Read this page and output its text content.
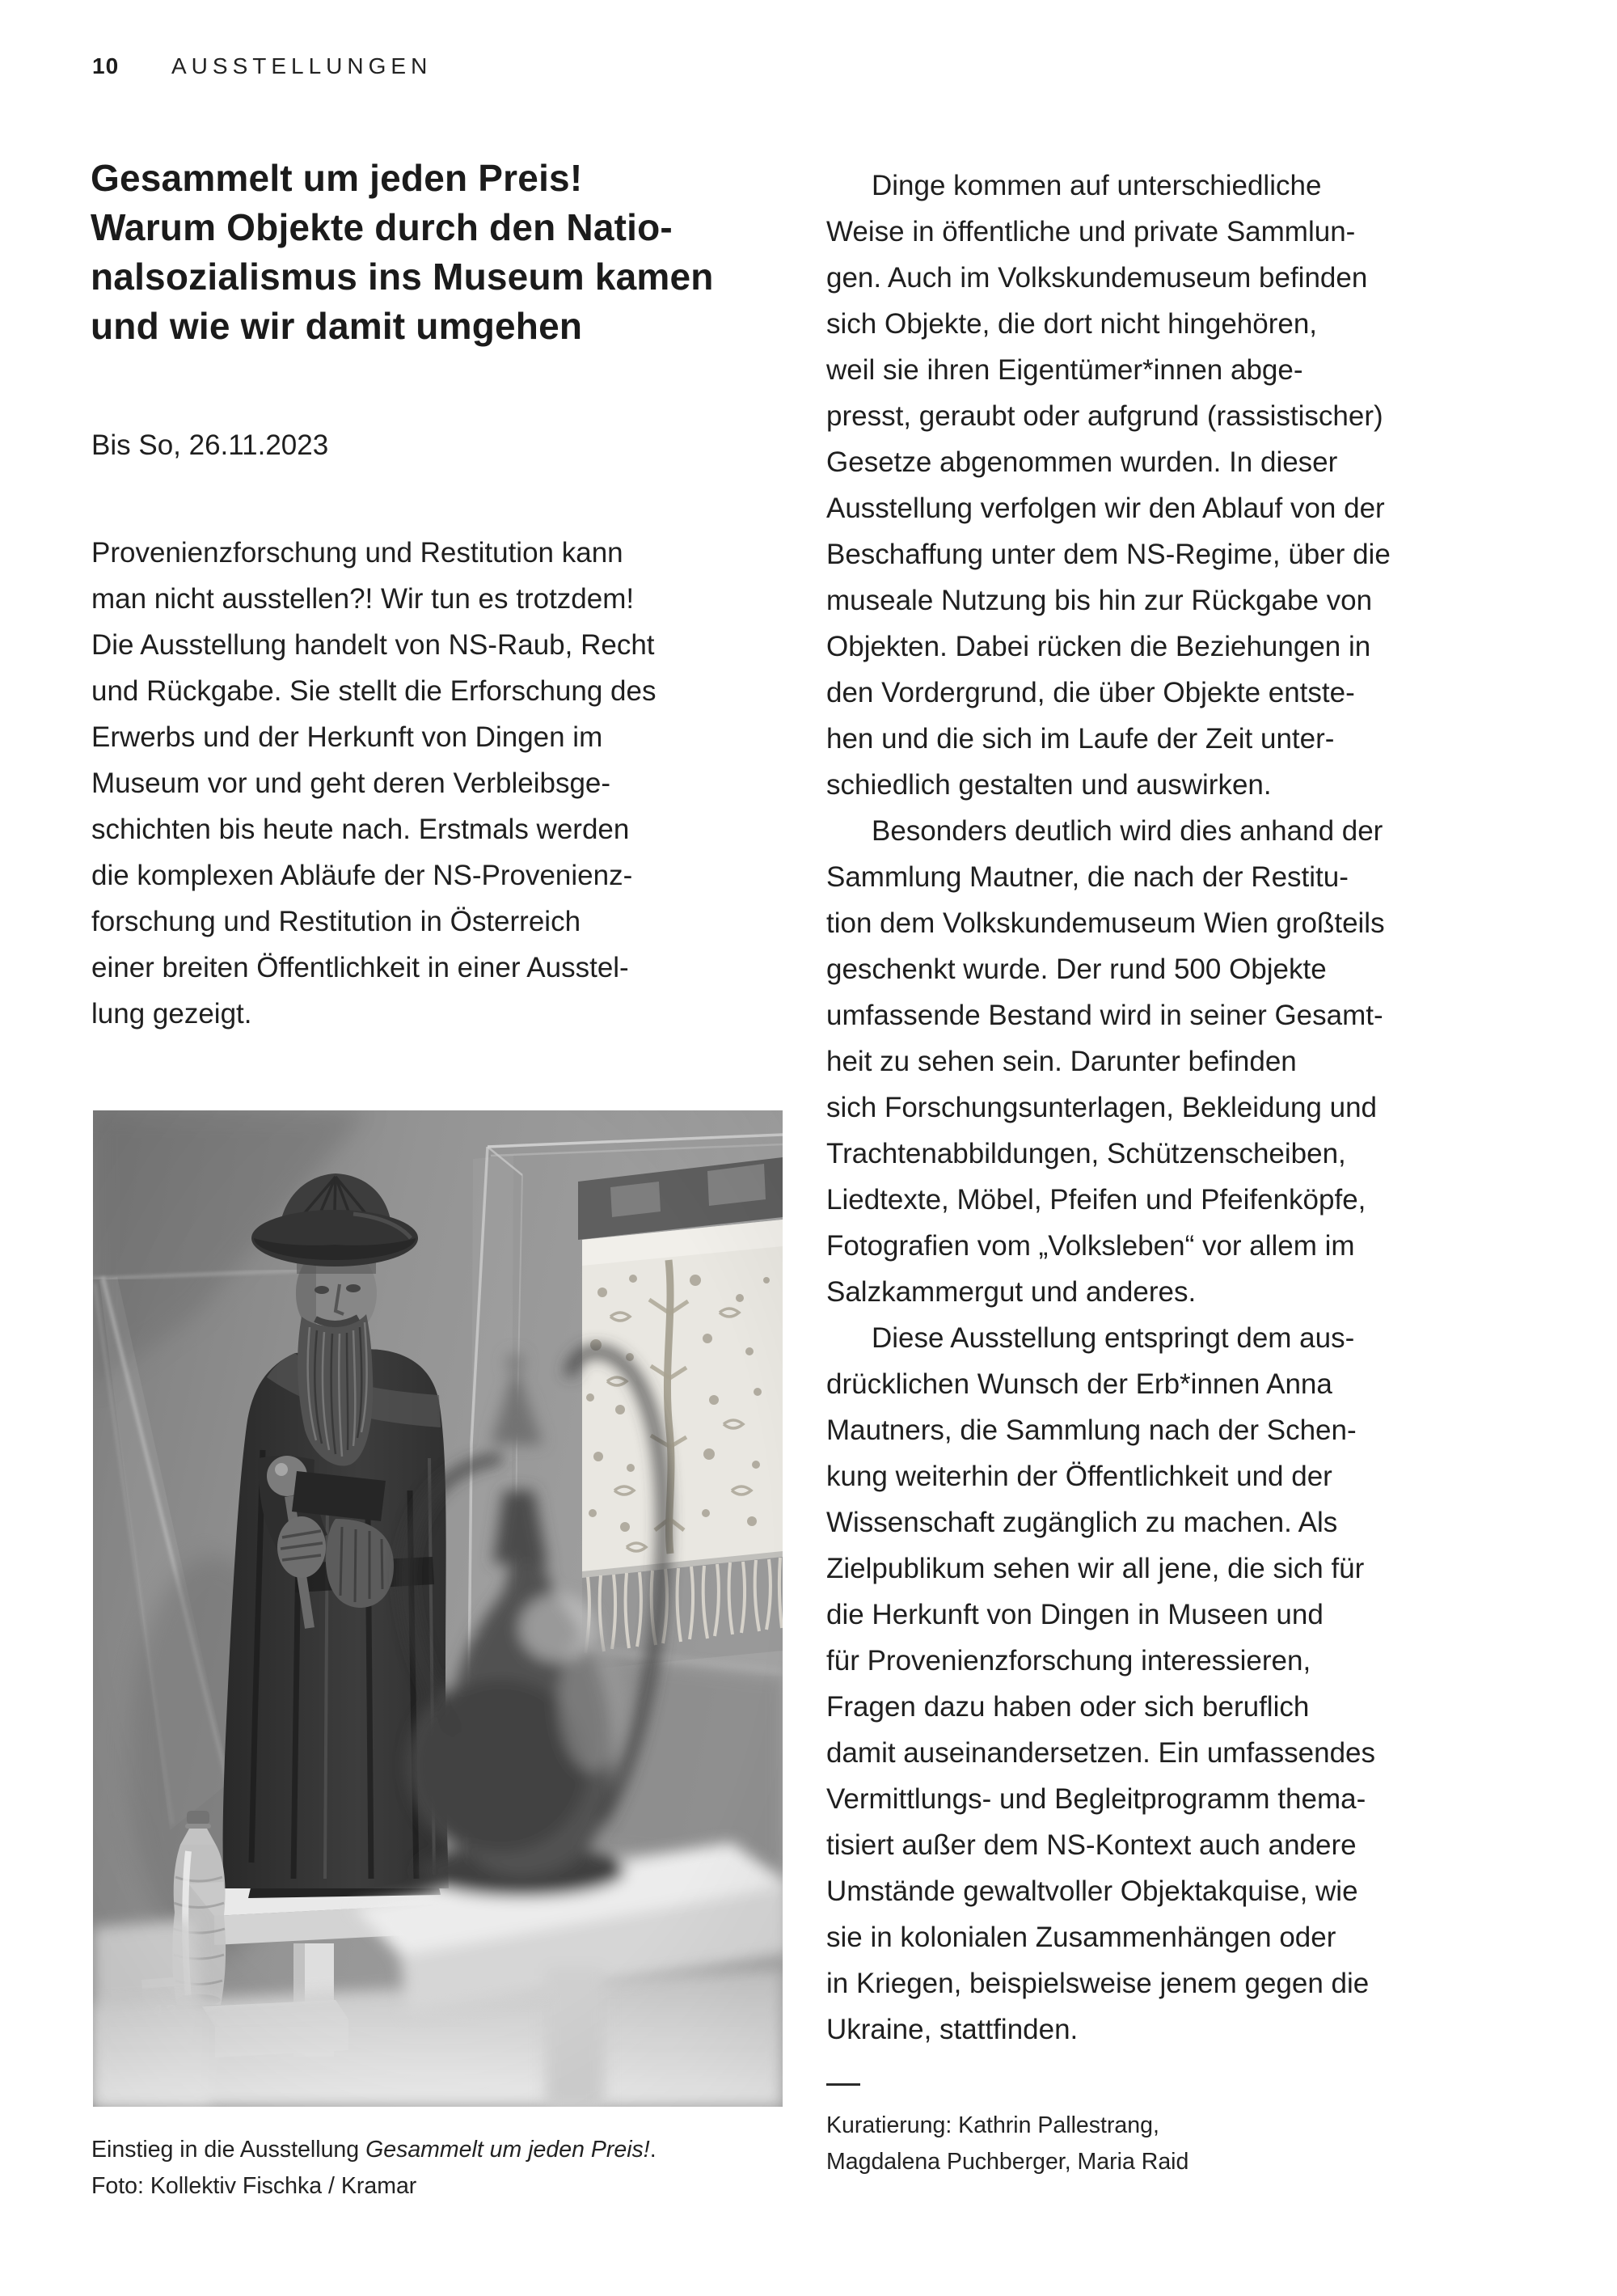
10 AUSSTELLUNGEN
Gesammelt um jeden Preis!
Warum Objekte durch den Natio-
nalsozialismus ins Museum kamen
und wie wir damit umgehen
Bis So, 26.11.2023
Provenienzforschung und Restitution kann
man nicht ausstellen?! Wir tun es trotzdem!
Die Ausstellung handelt von NS-Raub, Recht
und Rückgabe. Sie stellt die Erforschung des
Erwerbs und der Herkunft von Dingen im
Museum vor und geht deren Verbleibsge-
schichten bis heute nach. Erstmals werden
die komplexen Abläufe der NS-Provenienz-
forschung und Restitution in Österreich
einer breiten Öffentlichkeit in einer Ausstel-
lung gezeigt.
Dinge kommen auf unterschiedliche
Weise in öffentliche und private Sammlun-
gen. Auch im Volkskundemuseum befinden
sich Objekte, die dort nicht hingehören,
weil sie ihren Eigentümer*innen abge-
presst, geraubt oder aufgrund (rassistischer)
Gesetze abgenommen wurden. In dieser
Ausstellung verfolgen wir den Ablauf von der
Beschaffung unter dem NS-Regime, über die
museale Nutzung bis hin zur Rückgabe von
Objekten. Dabei rücken die Beziehungen in
den Vordergrund, die über Objekte entste-
hen und die sich im Laufe der Zeit unter-
schiedlich gestalten und auswirken.
Besonders deutlich wird dies anhand der
Sammlung Mautner, die nach der Restitu-
tion dem Volkskundemuseum Wien großteils
geschenkt wurde. Der rund 500 Objekte
umfassende Bestand wird in seiner Gesamt-
heit zu sehen sein. Darunter befinden
sich Forschungsunterlagen, Bekleidung und
Trachtenabbildungen, Schützenscheiben,
Liedtexte, Möbel, Pfeifen und Pfeifenköpfe,
Fotografien vom „Volksleben“ vor allem im
Salzkammergut und anderes.
Diese Ausstellung entspringt dem aus-
drücklichen Wunsch der Erb*innen Anna
Mautners, die Sammlung nach der Schen-
kung weiterhin der Öffentlichkeit und der
Wissenschaft zugänglich zu machen. Als
Zielpublikum sehen wir all jene, die sich für
die Herkunft von Dingen in Museen und
für Provenienzforschung interessieren,
Fragen dazu haben oder sich beruflich
damit auseinandersetzen. Ein umfassendes
Vermittlungs- und Begleitprogramm thema-
tisiert außer dem NS-Kontext auch andere
Umstände gewaltvoller Objektakquise, wie
sie in kolonialen Zusammenhängen oder
in Kriegen, beispielsweise jenem gegen die
Ukraine, stattfinden.
Einstieg in die Ausstellung Gesammelt um jeden Preis!.
Foto: Kollektiv Fischka / Kramar
Kuratierung: Kathrin Pallestrang,
Magdalena Puchberger, Maria Raid
